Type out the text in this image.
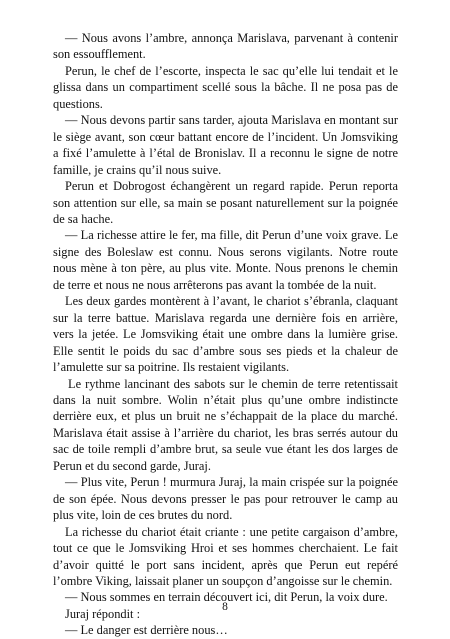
— Nous avons l’ambre, annonça Marislava, parvenant à contenir son essoufflement.

Perun, le chef de l’escorte, inspecta le sac qu’elle lui tendait et le glissa dans un compartiment scellé sous la bâche. Il ne posa pas de questions.

— Nous devons partir sans tarder, ajouta Marislava en montant sur le siège avant, son cœur battant encore de l’incident. Un Jomsviking a fixé l’amulette à l’étal de Bronislav. Il a reconnu le signe de notre famille, je crains qu’il nous suive.

Perun et Dobrogost échangèrent un regard rapide. Perun reporta son attention sur elle, sa main se posant naturellement sur la poignée de sa hache.

— La richesse attire le fer, ma fille, dit Perun d’une voix grave. Le signe des Boleslaw est connu. Nous serons vigilants. Notre route nous mène à ton père, au plus vite. Monte. Nous prenons le chemin de terre et nous ne nous arrêterons pas avant la tombée de la nuit.

Les deux gardes montèrent à l’avant, le chariot s’ébranla, claquant sur la terre battue. Marislava regarda une dernière fois en arrière, vers la jetée. Le Jomsviking était une ombre dans la lumière grise. Elle sentit le poids du sac d’ambre sous ses pieds et la chaleur de l’amulette sur sa poitrine. Ils restaient vigilants.

Le rythme lancinant des sabots sur le chemin de terre retentissait dans la nuit sombre. Wolin n’était plus qu’une ombre indistincte derrière eux, et plus un bruit ne s’échappait de la place du marché. Marislava était assise à l’arrière du chariot, les bras serrés autour du sac de toile rempli d’ambre brut, sa seule vue étant les dos larges de Perun et du second garde, Juraj.

— Plus vite, Perun ! murmura Juraj, la main crispée sur la poignée de son épée. Nous devons presser le pas pour retrouver le camp au plus vite, loin de ces brutes du nord.

La richesse du chariot était criante : une petite cargaison d’ambre, tout ce que le Jomsviking Hroi et ses hommes cherchaient. Le fait d’avoir quitté le port sans incident, après que Perun eut repéré l’ombre Viking, laissait planer un soupçon d’angoisse sur le chemin.

— Nous sommes en terrain découvert ici, dit Perun, la voix dure.

Juraj répondit :

— Le danger est derrière nous…

8
